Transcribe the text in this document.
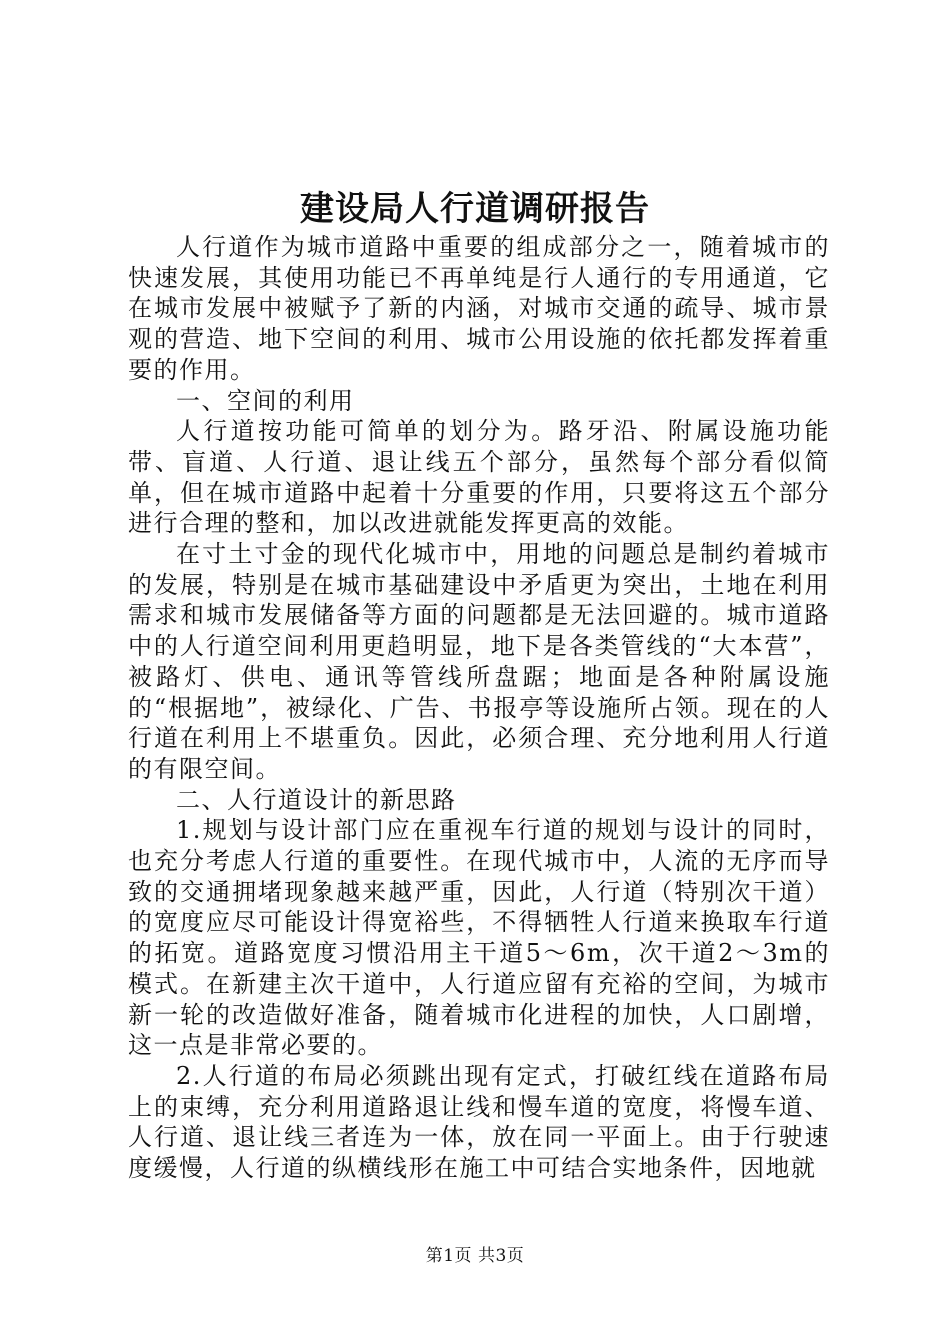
建设局人行道调研报告

人行道作为城市道路中重要的组成部分之一，随着城市的快速发展，其使用功能已不再单纯是行人通行的专用通道，它在城市发展中被赋予了新的内涵，对城市交通的疏导、城市景观的营造、地下空间的利用、城市公用设施的依托都发挥着重要的作用。

一、空间的利用

人行道按功能可简单的划分为。路牙沿、附属设施功能带、盲道、人行道、退让线五个部分，虽然每个部分看似简单，但在城市道路中起着十分重要的作用，只要将这五个部分进行合理的整和，加以改进就能发挥更高的效能。

在寸土寸金的现代化城市中，用地的问题总是制约着城市的发展，特别是在城市基础建设中矛盾更为突出，土地在利用需求和城市发展储备等方面的问题都是无法回避的。城市道路中的人行道空间利用更趋明显，地下是各类管线的“大本营”，被路灯、供电、通讯等管线所盘踞；地面是各种附属设施的“根据地”，被绿化、广告、书报亭等设施所占领。现在的人行道在利用上不堪重负。因此，必须合理、充分地利用人行道的有限空间。

二、人行道设计的新思路

1.规划与设计部门应在重视车行道的规划与设计的同时，也充分考虑人行道的重要性。在现代城市中，人流的无序而导致的交通拥堵现象越来越严重，因此，人行道（特别次干道）的宽度应尽可能设计得宽裕些，不得牺牲人行道来换取车行道的拓宽。道路宽度习惯沿用主干道5～6m，次干道2～3m的模式。在新建主次干道中，人行道应留有充裕的空间，为城市新一轮的改造做好准备，随着城市化进程的加快，人口剧增，这一点是非常必要的。

2.人行道的布局必须跳出现有定式，打破红线在道路布局上的束缚，充分利用道路退让线和慢车道的宽度，将慢车道、人行道、退让线三者连为一体，放在同一平面上。由于行驶速度缓慢，人行道的纵横线形在施工中可结合实地条件，因地就

第1页 共3页
